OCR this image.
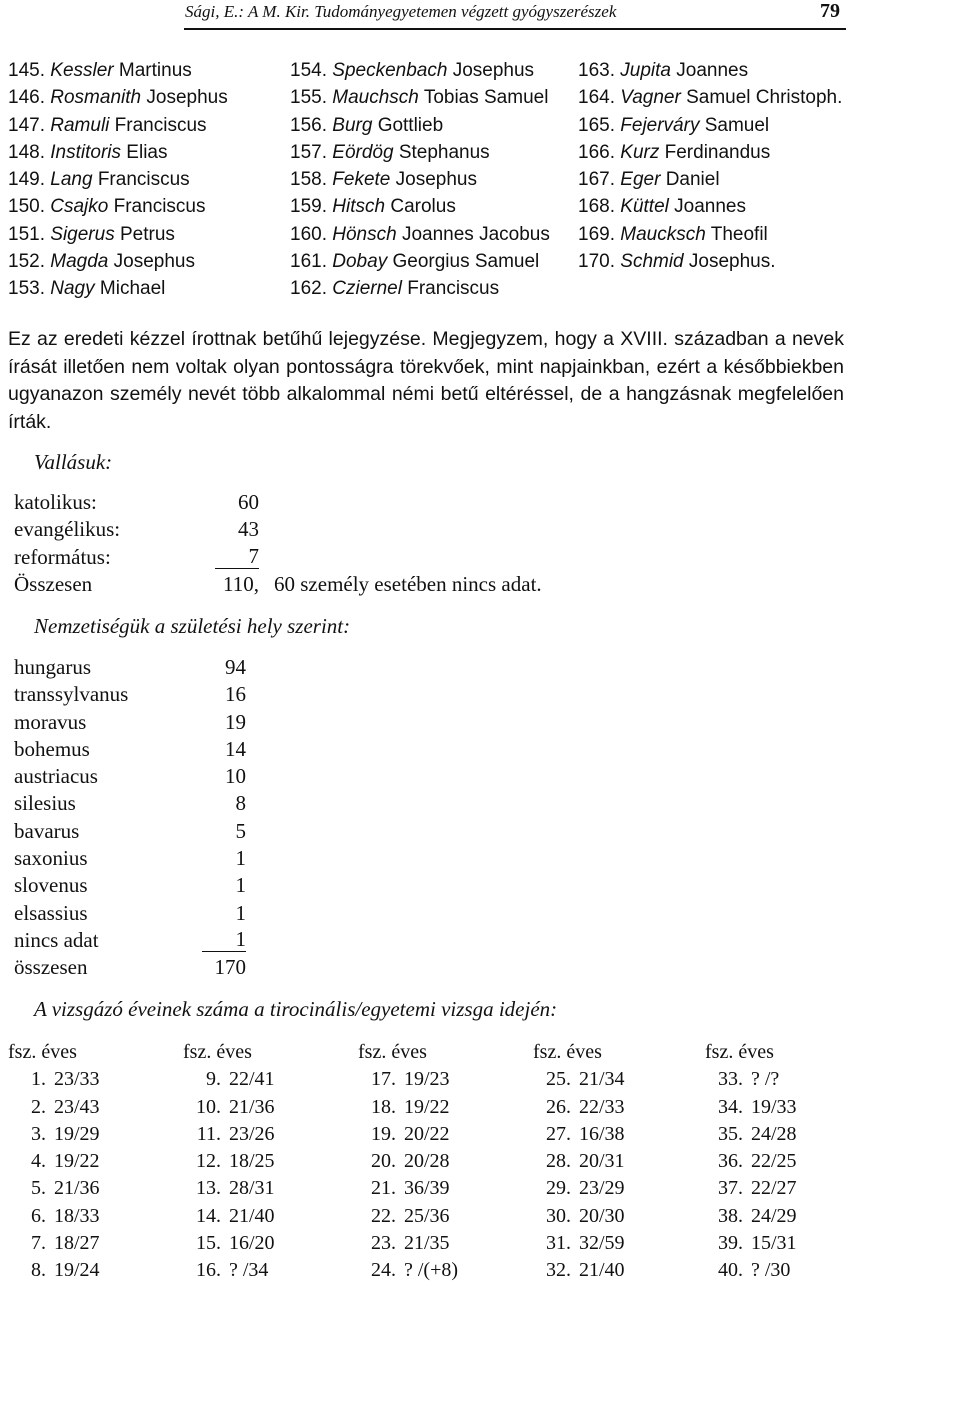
Sági, E.: A M. Kir. Tudományegyetemen végzett gyógyszerészek	79
145. Kessler Martinus
146. Rosmanith Josephus
147. Ramuli Franciscus
148. Institoris Elias
149. Lang Franciscus
150. Csajko Franciscus
151. Sigerus Petrus
152. Magda Josephus
153. Nagy Michael
154. Speckenbach Josephus
155. Mauchsch Tobias Samuel
156. Burg Gottlieb
157. Eördög Stephanus
158. Fekete Josephus
159. Hitsch Carolus
160. Hönsch Joannes Jacobus
161. Dobay Georgius Samuel
162. Cziernel Franciscus
163. Jupita Joannes
164. Vagner Samuel Christoph.
165. Fejerváry Samuel
166. Kurz Ferdinandus
167. Eger Daniel
168. Küttel Joannes
169. Maucksch Theofil
170. Schmid Josephus.
Ez az eredeti kézzel írottnak betűhű lejegyzése. Megjegyzem, hogy a XVIII. században a nevek írását illetően nem voltak olyan pontosságra törekvőek, mint napjainkban, ezért a későbbiekben ugyanazon személy nevét több alkalommal némi betű eltéréssel, de a hangzásnak megfelelően írták.
Vallásuk:
katolikus:	60
evangélikus:	43
református:	7
Összesen	110, 60 személy esetében nincs adat.
Nemzetiségük a születési hely szerint:
hungarus	94
transsylvanus	16
moravus	19
bohemus	14
austriacus	10
silesius	8
bavarus	5
saxonius	1
slovenus	1
elsassius	1
nincs adat	1
összesen	170
A vizsgázó éveinek száma a tirocinális/egyetemi vizsga idején:
fsz. éves
1. 23/33
2. 23/43
3. 19/29
4. 19/22
5. 21/36
6. 18/33
7. 18/27
8. 19/24
fsz. éves
9. 22/41
10. 21/36
11. 23/26
12. 18/25
13. 28/31
14. 21/40
15. 16/20
16. ? /34
fsz. éves
17. 19/23
18. 19/22
19. 20/22
20. 20/28
21. 36/39
22. 25/36
23. 21/35
24. ? /(+8)
fsz. éves
25. 21/34
26. 22/33
27. 16/38
28. 20/31
29. 23/29
30. 20/30
31. 32/59
32. 21/40
fsz. éves
33. ? /?
34. 19/33
35. 24/28
36. 22/25
37. 22/27
38. 24/29
39. 15/31
40. ? /30
